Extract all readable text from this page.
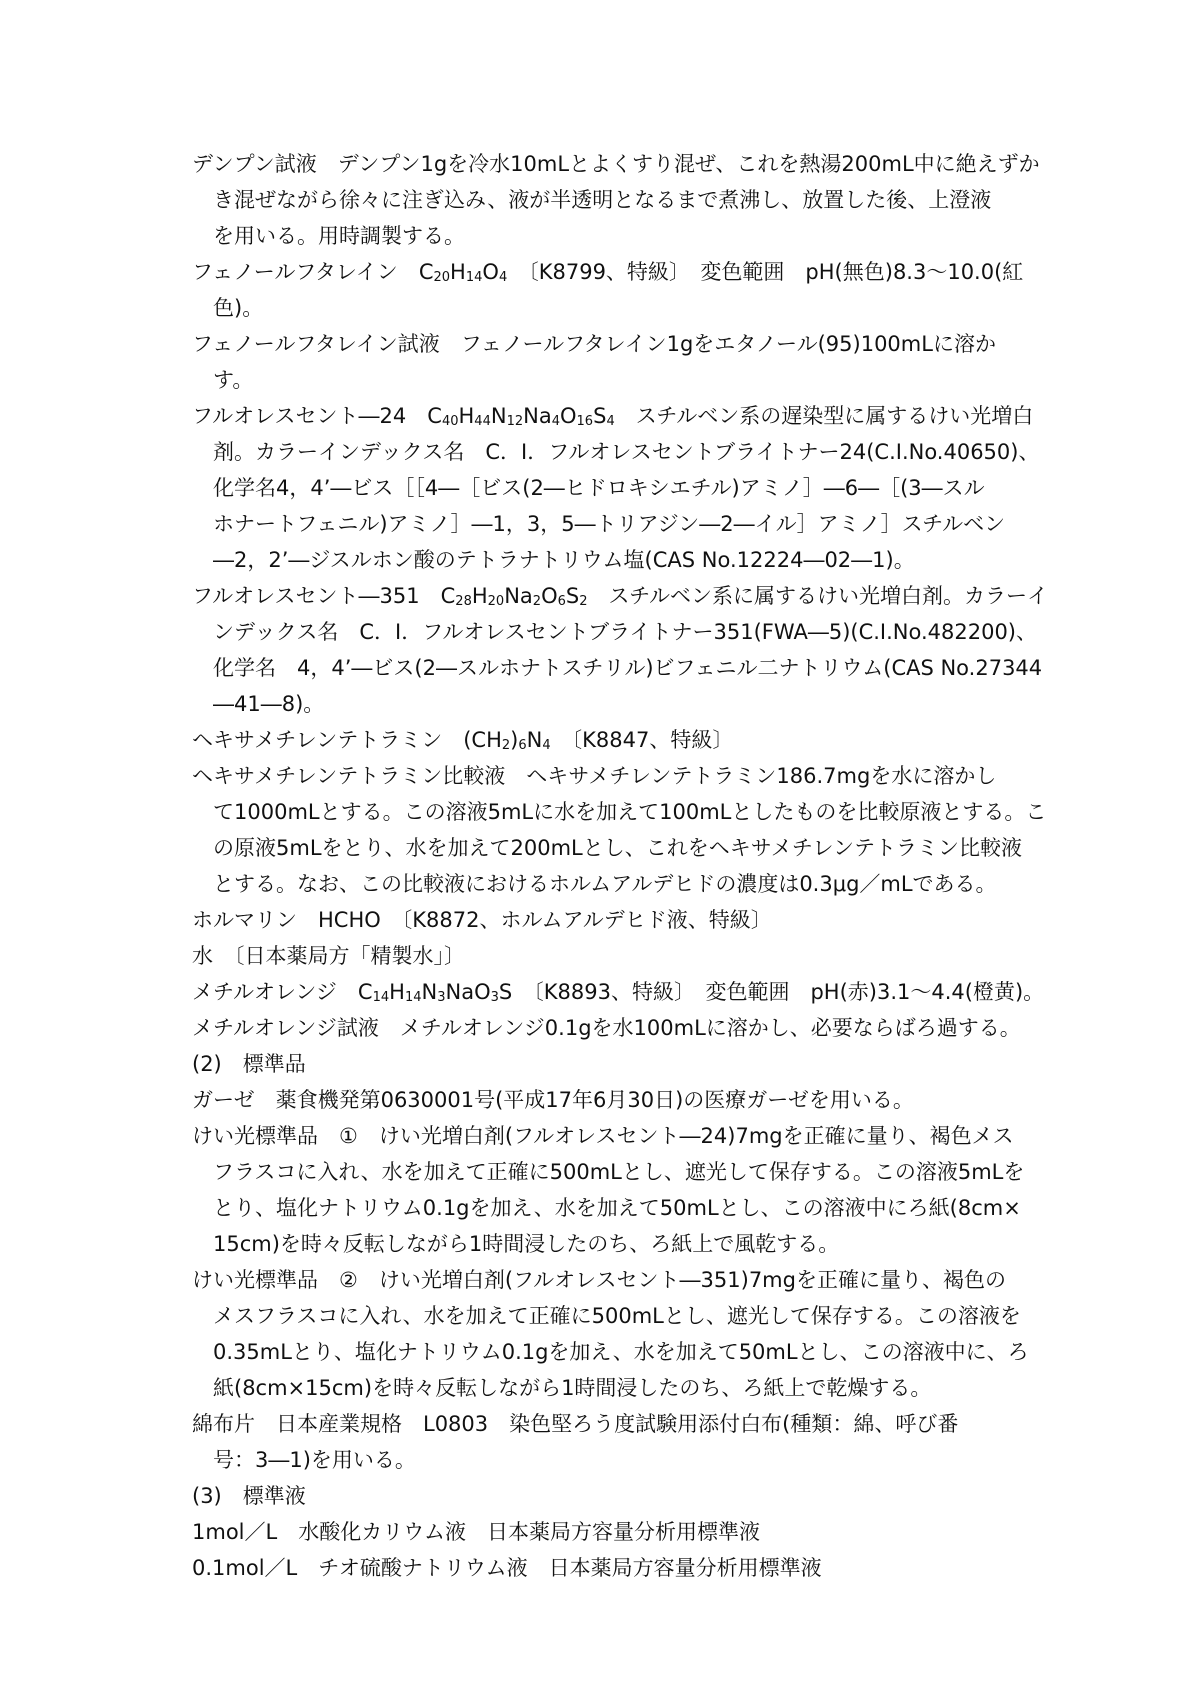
デンプン試液　デンプン1gを冷水10mLとよくすり混ぜ、これを熱湯200mL中に絶えずか
き混ぜながら徐々に注ぎ込み、液が半透明となるまで煮沸し、放置した後、上澄液
を用いる。用時調製する。
フェノールフタレイン　$C_{20}H_{14}O_4$　〔K8799、特級〕　変色範囲　pH(無色)8.3～10.0(紅
色)。
フェノールフタレイン試液　フェノールフタレイン1gをエタノール(95)100mLに溶か
す。
フルオレスセント―24　$C_{40}H_{44}N_{12}Na_4O_{16}S_4$　スチルベン系の遅染型に属するけい光増白
剤。カラーインデックス名　C．I．フルオレスセントブライトナー24(C.I.No.40650)、
化学名4，4’―ビス［［4―［ビス(2―ヒドロキシエチル)アミノ］―6―［(3―スル
ホナートフェニル)アミノ］―1，3，5―トリアジン―2―イル］アミノ］スチルベン
―2，2’―ジスルホン酸のテトラナトリウム塩(CAS No.12224―02―1)。
フルオレスセント―351　$C_{28}H_{20}Na_2O_6S_2$　スチルベン系に属するけい光増白剤。カラーイ
ンデックス名　C．I．フルオレスセントブライトナー351(FWA―5)(C.I.No.482200)、
化学名　4，4’―ビス(2―スルホナトスチリル)ビフェニル二ナトリウム(CAS No.27344
―41―8)。
ヘキサメチレンテトラミン　$(CH_2)_6N_4$　〔K8847、特級〕
ヘキサメチレンテトラミン比較液　ヘキサメチレンテトラミン186.7mgを水に溶かし
て1000mLとする。この溶液5mLに水を加えて100mLとしたものを比較原液とする。こ
の原液5mLをとり、水を加えて200mLとし、これをヘキサメチレンテトラミン比較液
とする。なお、この比較液におけるホルムアルデヒドの濃度は0.3μg／mLである。
ホルマリン　HCHO　〔K8872、ホルムアルデヒド液、特級〕
水　〔日本薬局方「精製水」〕
メチルオレンジ　$C_{14}H_{14}N_3NaO_3S$　〔K8893、特級〕　変色範囲　pH(赤)3.1～4.4(橙黄)。
メチルオレンジ試液　メチルオレンジ0.1gを水100mLに溶かし、必要ならばろ過する。
(2)　標準品
ガーゼ　薬食機発第0630001号(平成17年6月30日)の医療ガーゼを用いる。
けい光標準品　①　けい光増白剤(フルオレスセント―24)7mgを正確に量り、褐色メス
フラスコに入れ、水を加えて正確に500mLとし、遮光して保存する。この溶液5mLを
とり、塩化ナトリウム0.1gを加え、水を加えて50mLとし、この溶液中にろ紙(8cm×
15cm)を時々反転しながら1時間浸したのち、ろ紙上で風乾する。
けい光標準品　②　けい光増白剤(フルオレスセント―351)7mgを正確に量り、褐色の
メスフラスコに入れ、水を加えて正確に500mLとし、遮光して保存する。この溶液を
0.35mLとり、塩化ナトリウム0.1gを加え、水を加えて50mLとし、この溶液中に、ろ
紙(8cm×15cm)を時々反転しながら1時間浸したのち、ろ紙上で乾燥する。
綿布片　日本産業規格　L0803　染色堅ろう度試験用添付白布(種類：綿、呼び番
号：3―1)を用いる。
(3)　標準液
1mol／L　水酸化カリウム液　日本薬局方容量分析用標準液
0.1mol／L　チオ硫酸ナトリウム液　日本薬局方容量分析用標準液
